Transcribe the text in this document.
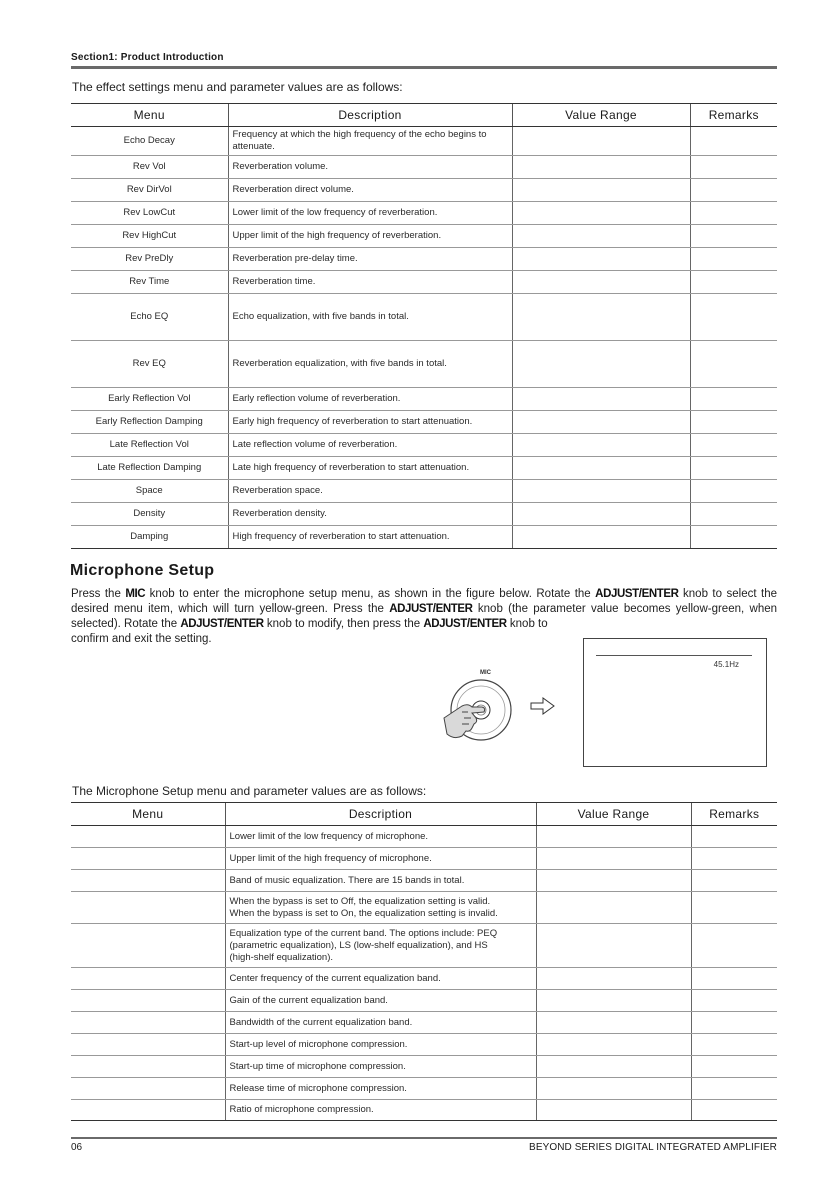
Section1: Product Introduction
The effect settings menu and parameter values are as follows:
Menu	Description	Value Range	Remarks
Echo Decay	Frequency at which the high frequency of the echo begins to attenuate.		
Rev Vol	Reverberation volume.		
Rev DirVol	Reverberation direct volume.		
Rev LowCut	Lower limit of the low frequency of reverberation.		
Rev HighCut	Upper limit of the high frequency of reverberation.		
Rev PreDly	Reverberation pre-delay time.		
Rev Time	Reverberation time.		
Echo EQ	Echo equalization, with five bands in total.		
Rev EQ	Reverberation equalization, with five bands in total.		
Early Reflection Vol	Early reflection volume of reverberation.		
Early Reflection Damping	Early high frequency of reverberation to start attenuation.		
Late Reflection Vol	Late reflection volume of reverberation.		
Late Reflection Damping	Late high frequency of reverberation to start attenuation.		
Space	Reverberation space.		
Density	Reverberation density.		
Damping	High frequency of reverberation to start attenuation.		
Microphone Setup
Press the MIC knob to enter the microphone setup menu, as shown in the figure below. Rotate the ADJUST/ENTER knob to select the desired menu item, which will turn yellow-green. Press the ADJUST/ENTER knob (the parameter value becomes yellow-green, when selected). Rotate the ADJUST/ENTER knob to modify, then press the ADJUST/ENTER knob to
confirm and exit the setting.
MIC
45.1Hz
The Microphone Setup menu and parameter values are as follows:
Menu	Description	Value Range	Remarks
	Lower limit of the low frequency of microphone.		
	Upper limit of the high frequency of microphone.		
	Band of music equalization. There are 15 bands in total.		
	When the bypass is set to Off, the equalization setting is valid.
When the bypass is set to On, the equalization setting is invalid.		
	Equalization type of the current band. The options include: PEQ
(parametric equalization), LS (low-shelf equalization), and HS
(high-shelf equalization).		
	Center frequency of the current equalization band.		
	Gain of the current equalization band.		
	Bandwidth of the current equalization band.		
	Start-up level of microphone compression.		
	Start-up time of microphone compression.		
	Release time of microphone compression.		
	Ratio of microphone compression.		
06	BEYOND SERIES DIGITAL INTEGRATED AMPLIFIER
